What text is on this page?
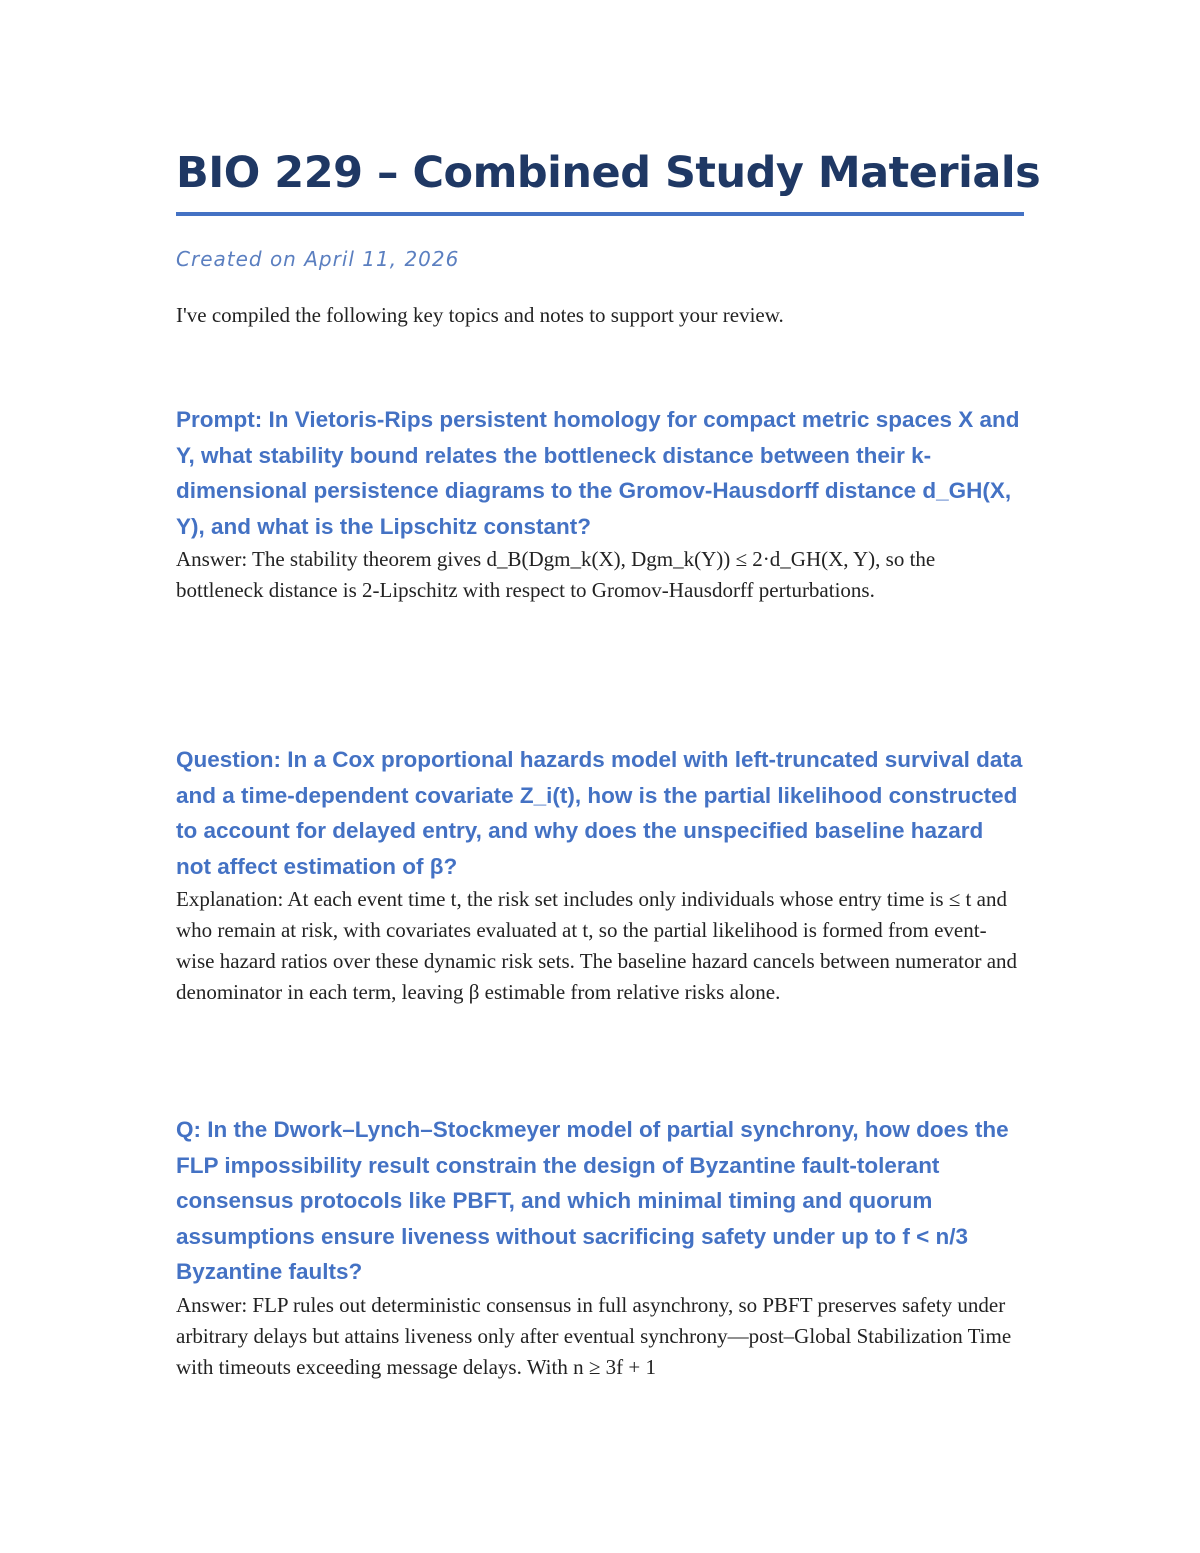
BIO 229 – Combined Study Materials

Created on April 11, 2026

I've compiled the following key topics and notes to support your review.

Prompt: In Vietoris-Rips persistent homology for compact metric spaces X and Y, what stability bound relates the bottleneck distance between their k-dimensional persistence diagrams to the Gromov-Hausdorff distance d_GH(X, Y), and what is the Lipschitz constant?

Answer: The stability theorem gives d_B(Dgm_k(X), Dgm_k(Y)) ≤ 2·d_GH(X, Y), so the bottleneck distance is 2-Lipschitz with respect to Gromov-Hausdorff perturbations.

Question: In a Cox proportional hazards model with left-truncated survival data and a time-dependent covariate Z_i(t), how is the partial likelihood constructed to account for delayed entry, and why does the unspecified baseline hazard not affect estimation of β?

Explanation: At each event time t, the risk set includes only individuals whose entry time is ≤ t and who remain at risk, with covariates evaluated at t, so the partial likelihood is formed from event-wise hazard ratios over these dynamic risk sets. The baseline hazard cancels between numerator and denominator in each term, leaving β estimable from relative risks alone.

Q: In the Dwork–Lynch–Stockmeyer model of partial synchrony, how does the FLP impossibility result constrain the design of Byzantine fault-tolerant consensus protocols like PBFT, and which minimal timing and quorum assumptions ensure liveness without sacrificing safety under up to f < n/3 Byzantine faults?

Answer: FLP rules out deterministic consensus in full asynchrony, so PBFT preserves safety under arbitrary delays but attains liveness only after eventual synchrony—post–Global Stabilization Time with timeouts exceeding message delays. With n ≥ 3f + 1
